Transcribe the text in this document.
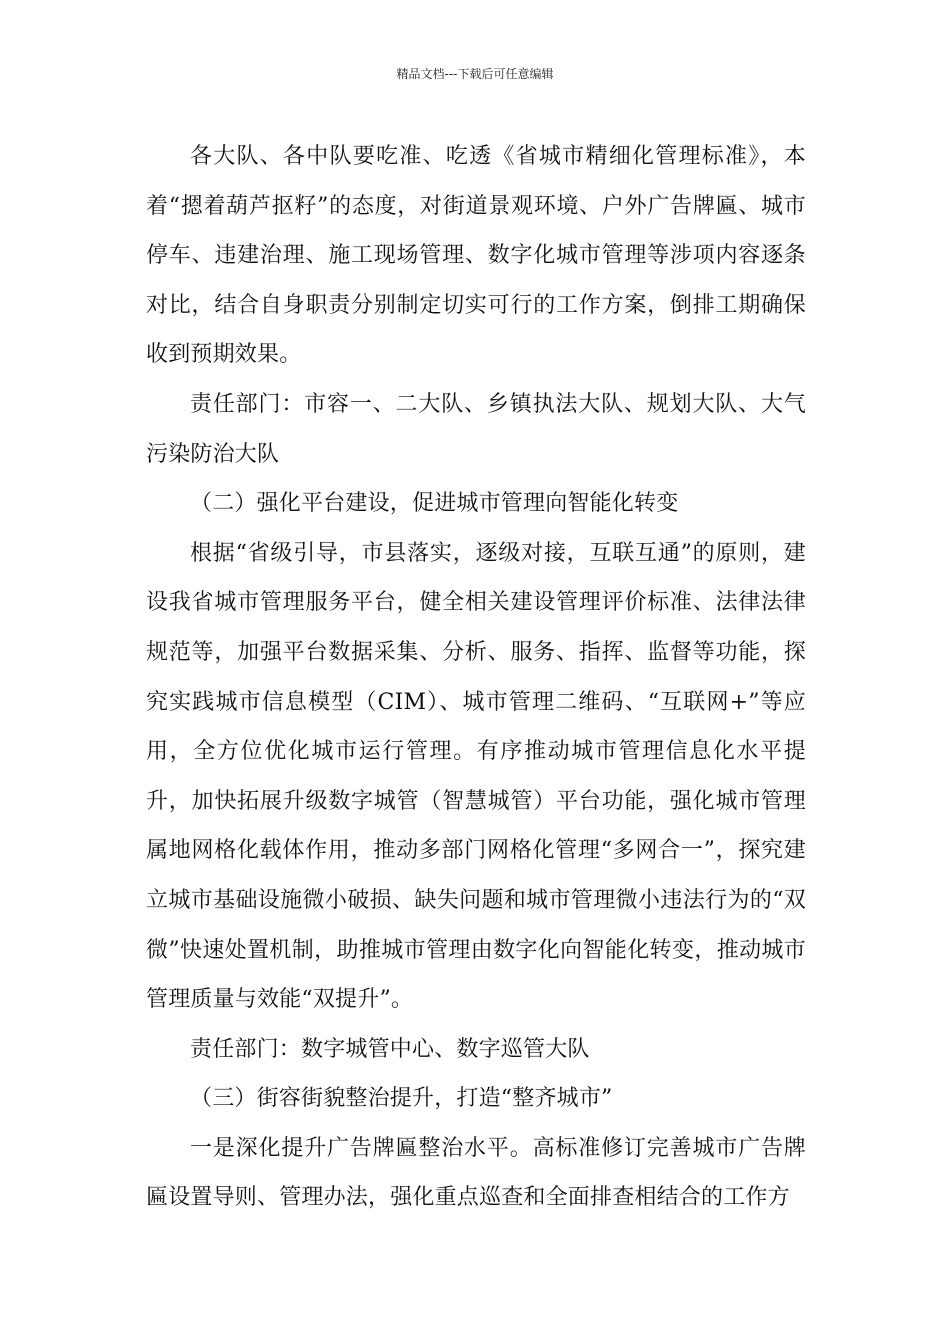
精品文档---下载后可任意编辑

各大队、各中队要吃准、吃透《省城市精细化管理标准》，本着“摁着葫芦抠籽”的态度，对街道景观环境、户外广告牌匾、城市停车、违建治理、施工现场管理、数字化城市管理等涉项内容逐条对比，结合自身职责分别制定切实可行的工作方案，倒排工期确保收到预期效果。

责任部门：市容一、二大队、乡镇执法大队、规划大队、大气污染防治大队

（二）强化平台建设，促进城市管理向智能化转变

根据“省级引导，市县落实，逐级对接，互联互通”的原则，建设我省城市管理服务平台，健全相关建设管理评价标准、法律法律规范等，加强平台数据采集、分析、服务、指挥、监督等功能，探究实践城市信息模型（CIM）、城市管理二维码、“互联网+”等应用，全方位优化城市运行管理。有序推动城市管理信息化水平提升，加快拓展升级数字城管（智慧城管）平台功能，强化城市管理属地网格化载体作用，推动多部门网格化管理“多网合一”，探究建立城市基础设施微小破损、缺失问题和城市管理微小违法行为的“双微”快速处置机制，助推城市管理由数字化向智能化转变，推动城市管理质量与效能“双提升”。

责任部门：数字城管中心、数字巡管大队

（三）街容街貌整治提升，打造“整齐城市”

一是深化提升广告牌匾整治水平。高标准修订完善城市广告牌匾设置导则、管理办法，强化重点巡查和全面排查相结合的工作方
